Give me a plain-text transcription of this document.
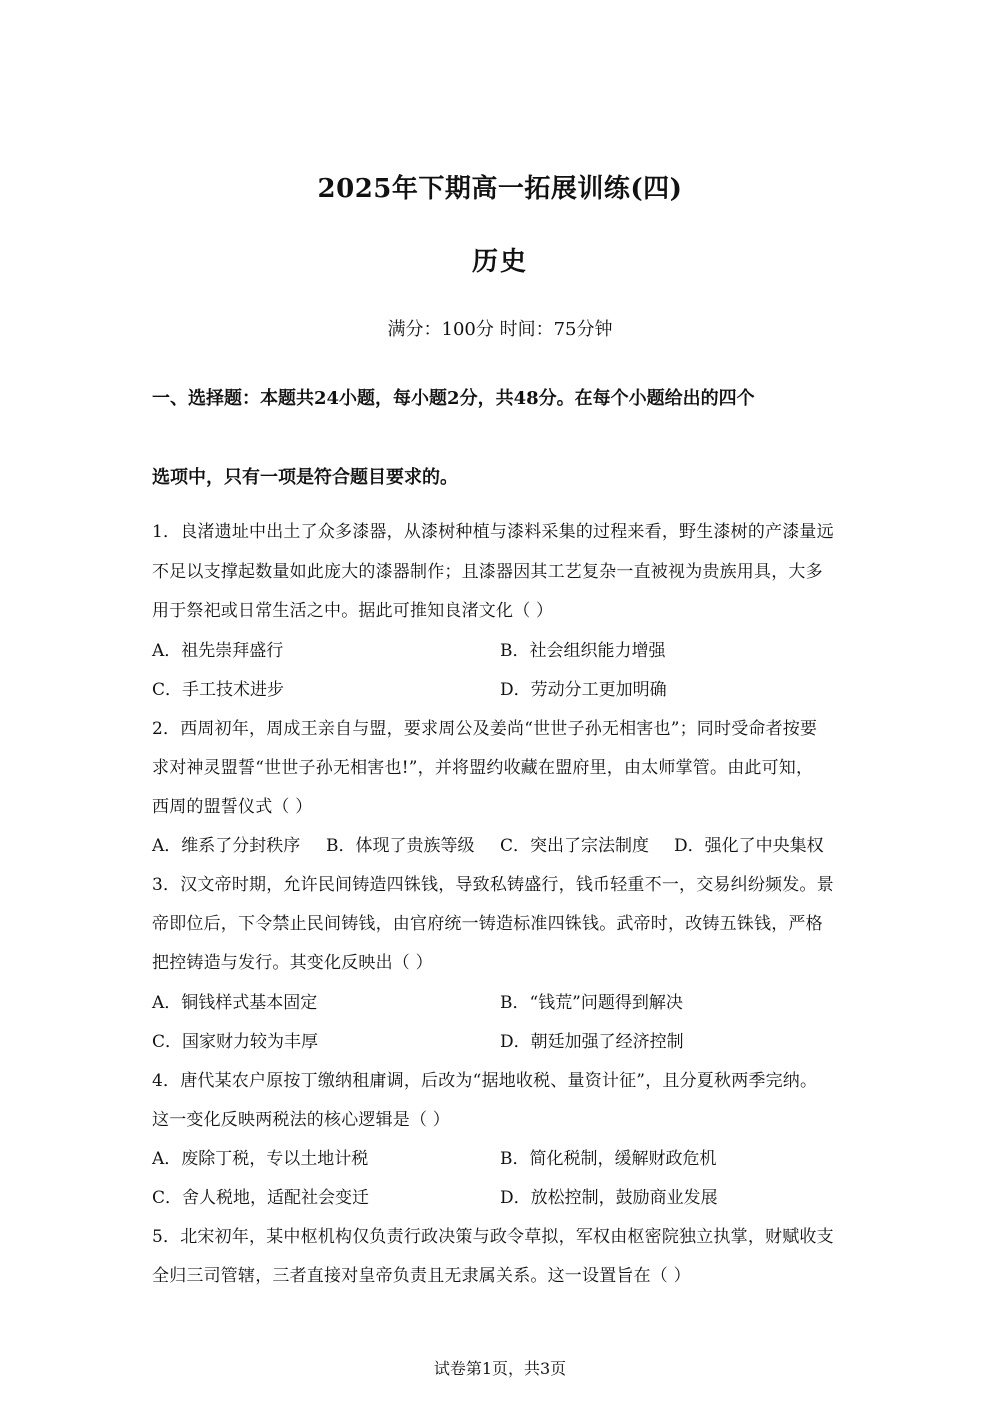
2025年下期高一拓展训练(四)
历史
满分：100分 时间：75分钟
一、选择题：本题共24小题，每小题2分，共48分。在每个小题给出的四个
选项中，只有一项是符合题目要求的。
1．良渚遗址中出土了众多漆器，从漆树种植与漆料采集的过程来看，野生漆树的产漆量远
不足以支撑起数量如此庞大的漆器制作；且漆器因其工艺复杂一直被视为贵族用具，大多
用于祭祀或日常生活之中。据此可推知良渚文化（ ）
A．祖先崇拜盛行	B．社会组织能力增强
C．手工技术进步	D．劳动分工更加明确
2．西周初年，周成王亲自与盟，要求周公及姜尚“世世子孙无相害也”；同时受命者按要
求对神灵盟誓“世世子孙无相害也!”，并将盟约收藏在盟府里，由太师掌管。由此可知，
西周的盟誓仪式（ ）
A．维系了分封秩序 B．体现了贵族等级 C．突出了宗法制度 D．强化了中央集权
3．汉文帝时期，允许民间铸造四铢钱，导致私铸盛行，钱币轻重不一，交易纠纷频发。景
帝即位后，下令禁止民间铸钱，由官府统一铸造标准四铢钱。武帝时，改铸五铢钱，严格
把控铸造与发行。其变化反映出（ ）
A．铜钱样式基本固定	B．“钱荒”问题得到解决
C．国家财力较为丰厚	D．朝廷加强了经济控制
4．唐代某农户原按丁缴纳租庸调，后改为“据地收税、量资计征”，且分夏秋两季完纳。
这一变化反映两税法的核心逻辑是（ ）
A．废除丁税，专以土地计税	B．简化税制，缓解财政危机
C．舍人税地，适配社会变迁	D．放松控制，鼓励商业发展
5．北宋初年，某中枢机构仅负责行政决策与政令草拟，军权由枢密院独立执掌，财赋收支
全归三司管辖，三者直接对皇帝负责且无隶属关系。这一设置旨在（ ）
试卷第1页，共3页
